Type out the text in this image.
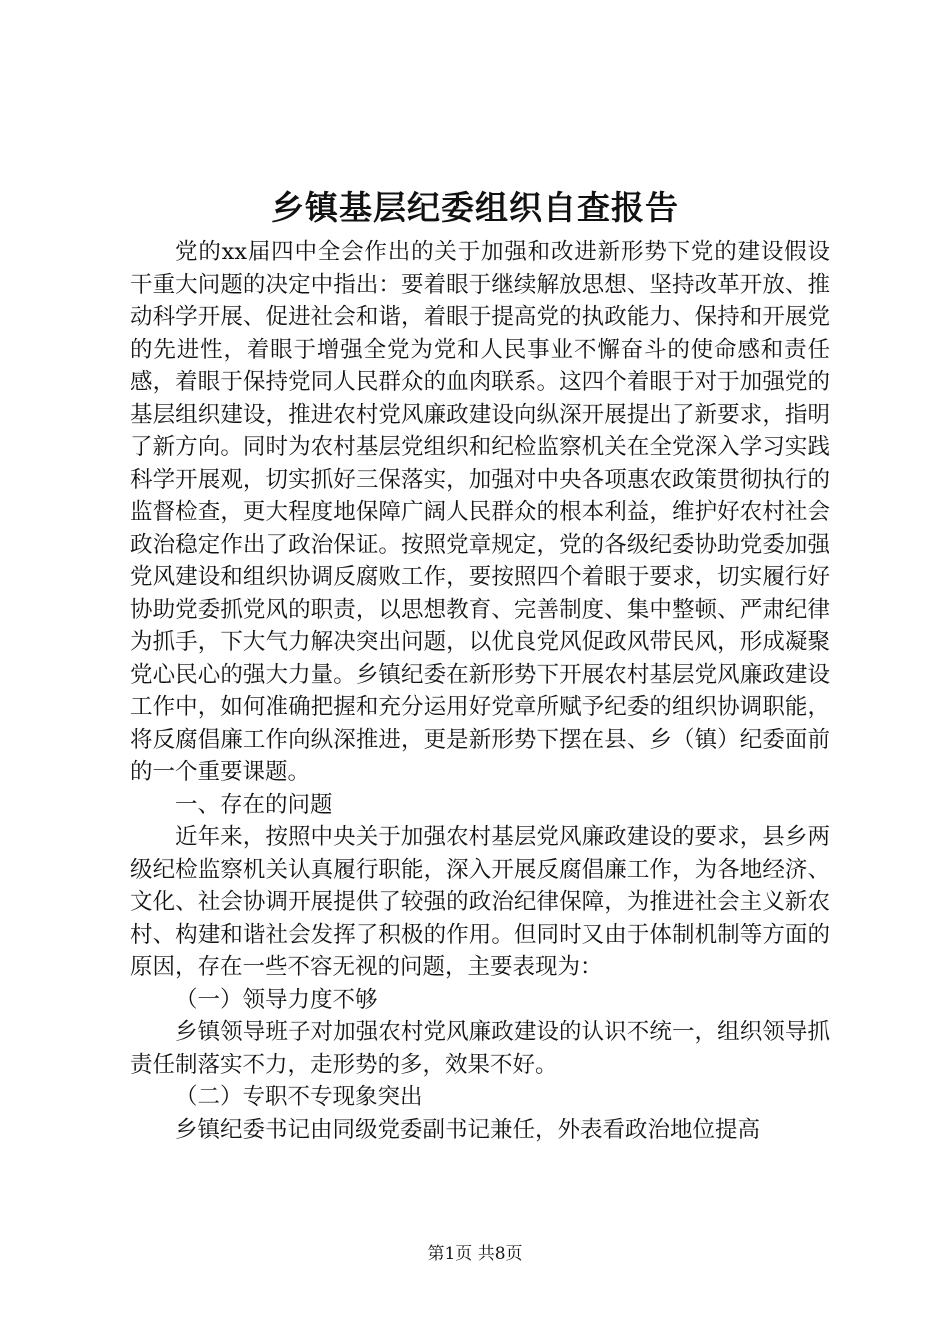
乡镇基层纪委组织自查报告

党的xx届四中全会作出的关于加强和改进新形势下党的建设假设干重大问题的决定中指出：要着眼于继续解放思想、坚持改革开放、推动科学开展、促进社会和谐，着眼于提高党的执政能力、保持和开展党的先进性，着眼于增强全党为党和人民事业不懈奋斗的使命感和责任感，着眼于保持党同人民群众的血肉联系。这四个着眼于对于加强党的基层组织建设，推进农村党风廉政建设向纵深开展提出了新要求，指明了新方向。同时为农村基层党组织和纪检监察机关在全党深入学习实践科学开展观，切实抓好三保落实，加强对中央各项惠农政策贯彻执行的监督检查，更大程度地保障广阔人民群众的根本利益，维护好农村社会政治稳定作出了政治保证。按照党章规定，党的各级纪委协助党委加强党风建设和组织协调反腐败工作，要按照四个着眼于要求，切实履行好协助党委抓党风的职责，以思想教育、完善制度、集中整顿、严肃纪律为抓手，下大气力解决突出问题，以优良党风促政风带民风，形成凝聚党心民心的强大力量。乡镇纪委在新形势下开展农村基层党风廉政建设工作中，如何准确把握和充分运用好党章所赋予纪委的组织协调职能，将反腐倡廉工作向纵深推进，更是新形势下摆在县、乡（镇）纪委面前的一个重要课题。

一、存在的问题

近年来，按照中央关于加强农村基层党风廉政建设的要求，县乡两级纪检监察机关认真履行职能，深入开展反腐倡廉工作，为各地经济、文化、社会协调开展提供了较强的政治纪律保障，为推进社会主义新农村、构建和谐社会发挥了积极的作用。但同时又由于体制机制等方面的原因，存在一些不容无视的问题，主要表现为：

（一）领导力度不够

乡镇领导班子对加强农村党风廉政建设的认识不统一，组织领导抓责任制落实不力，走形势的多，效果不好。

（二）专职不专现象突出

乡镇纪委书记由同级党委副书记兼任，外表看政治地位提高

第1页 共8页
